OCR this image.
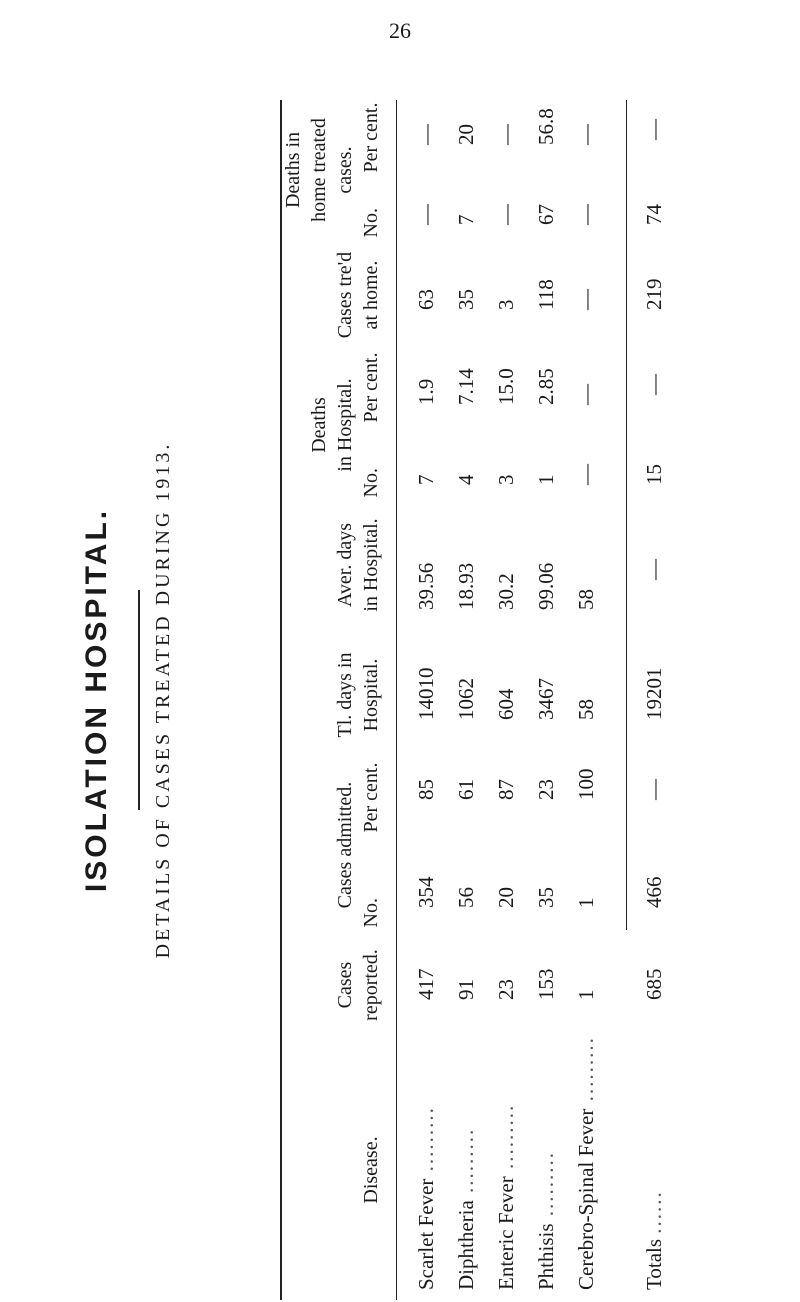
26
ISOLATION HOSPITAL. DETAILS OF CASES TREATED DURING 1913.
Disease.
Cases reported.
Cases admitted.
No. Per cent.
Tl. days in Hospital.
Aver. days in Hospital.
Deaths in Hospital.
No. Per cent.
Cases tre'd at home.
Deaths in home treated cases.
No. Per cent.
Scarlet Fever .........
417
354
85
14010
39.56
7
1.9
63
—
—
Diphtheria .........
91
56
61
1062
18.93
4
7.14
35
7
20
Enteric Fever .........
23
20
87
604
30.2
3
15.0
3
—
—
Phthisis .........
153
35
23
3467
99.06
1
2.85
118
67
56.8
Cerebro-Spinal Fever .........
1
1
100
58
58
—
—
—
—
—
Totals ......
685
466
—
19201
—
15
—
219
74
—
